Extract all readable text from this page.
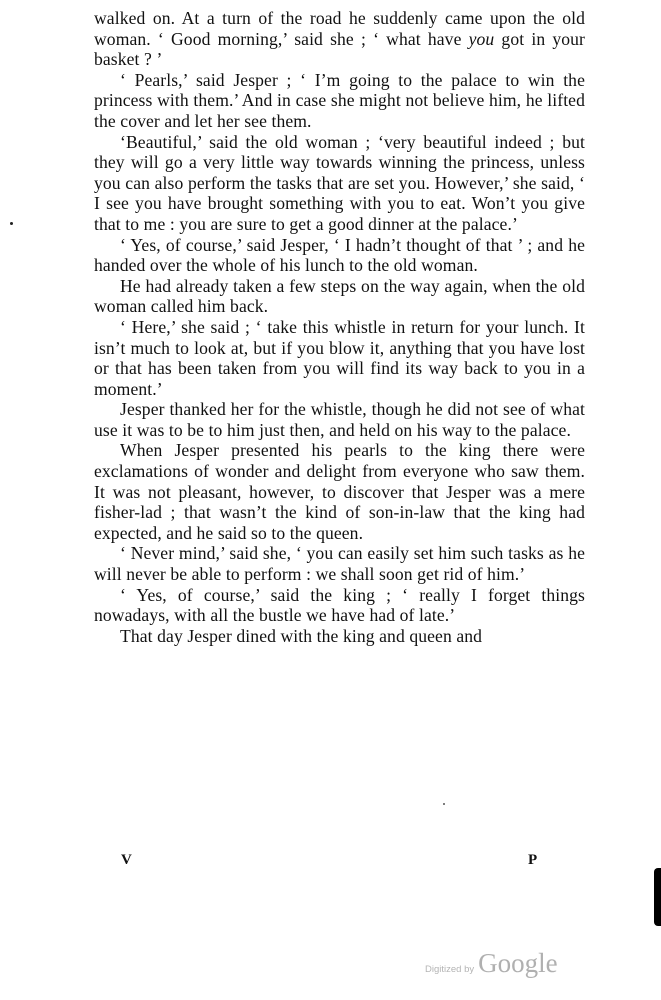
walked on. At a turn of the road he suddenly came upon the old woman. ‘ Good morning,’ said she ; ‘ what have you got in your basket ? ’

‘ Pearls,’ said Jesper ; ‘ I’m going to the palace to win the princess with them.’ And in case she might not believe him, he lifted the cover and let her see them.

‘Beautiful,’ said the old woman ; ‘very beautiful indeed ; but they will go a very little way towards winning the princess, unless you can also perform the tasks that are set you. However,’ she said, ‘ I see you have brought something with you to eat. Won’t you give that to me : you are sure to get a good dinner at the palace.’

‘ Yes, of course,’ said Jesper, ‘ I hadn’t thought of that ’ ; and he handed over the whole of his lunch to the old woman.

He had already taken a few steps on the way again, when the old woman called him back.

‘ Here,’ she said ; ‘ take this whistle in return for your lunch. It isn’t much to look at, but if you blow it, anything that you have lost or that has been taken from you will find its way back to you in a moment.’

Jesper thanked her for the whistle, though he did not see of what use it was to be to him just then, and held on his way to the palace.

When Jesper presented his pearls to the king there were exclamations of wonder and delight from everyone who saw them. It was not pleasant, however, to discover that Jesper was a mere fisher-lad ; that wasn’t the kind of son-in-law that the king had expected, and he said so to the queen.

‘ Never mind,’ said she, ‘ you can easily set him such tasks as he will never be able to perform : we shall soon get rid of him.’

‘ Yes, of course,’ said the king ; ‘ really I forget things nowadays, with all the bustle we have had of late.’

That day Jesper dined with the king and queen and

V	P
Digitized by Google
